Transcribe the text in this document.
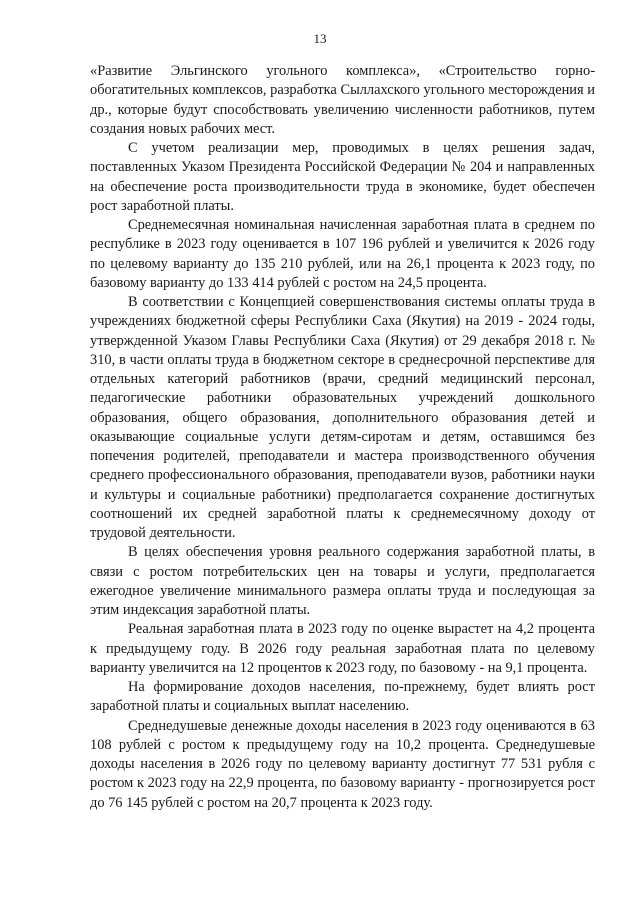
13

«Развитие Эльгинского угольного комплекса», «Строительство горно-обогатительных комплексов, разработка Сыллахского угольного месторождения и др., которые будут способствовать увеличению численности работников, путем создания новых рабочих мест.

С учетом реализации мер, проводимых в целях решения задач, поставленных Указом Президента Российской Федерации № 204 и направленных на обеспечение роста производительности труда в экономике, будет обеспечен рост заработной платы.

Среднемесячная номинальная начисленная заработная плата в среднем по республике в 2023 году оценивается в 107 196 рублей и увеличится к 2026 году по целевому варианту до 135 210 рублей, или на 26,1 процента к 2023 году, по базовому варианту до 133 414 рублей с ростом на 24,5 процента.

В соответствии с Концепцией совершенствования системы оплаты труда в учреждениях бюджетной сферы Республики Саха (Якутия) на 2019 - 2024 годы, утвержденной Указом Главы Республики Саха (Якутия) от 29 декабря 2018 г. № 310, в части оплаты труда в бюджетном секторе в среднесрочной перспективе для отдельных категорий работников (врачи, средний медицинский персонал, педагогические работники образовательных учреждений дошкольного образования, общего образования, дополнительного образования детей и оказывающие социальные услуги детям-сиротам и детям, оставшимся без попечения родителей, преподаватели и мастера производственного обучения среднего профессионального образования, преподаватели вузов, работники науки и культуры и социальные работники) предполагается сохранение достигнутых соотношений их средней заработной платы к среднемесячному доходу от трудовой деятельности.

В целях обеспечения уровня реального содержания заработной платы, в связи с ростом потребительских цен на товары и услуги, предполагается ежегодное увеличение минимального размера оплаты труда и последующая за этим индексация заработной платы.

Реальная заработная плата в 2023 году по оценке вырастет на 4,2 процента к предыдущему году. В 2026 году реальная заработная плата по целевому варианту увеличится на 12 процентов к 2023 году, по базовому - на 9,1 процента.

На формирование доходов населения, по-прежнему, будет влиять рост заработной платы и социальных выплат населению.

Среднедушевые денежные доходы населения в 2023 году оцениваются в 63 108 рублей с ростом к предыдущему году на 10,2 процента. Среднедушевые доходы населения в 2026 году по целевому варианту достигнут 77 531 рубля с ростом к 2023 году на 22,9 процента, по базовому варианту - прогнозируется рост до 76 145 рублей с ростом на 20,7 процента к 2023 году.
